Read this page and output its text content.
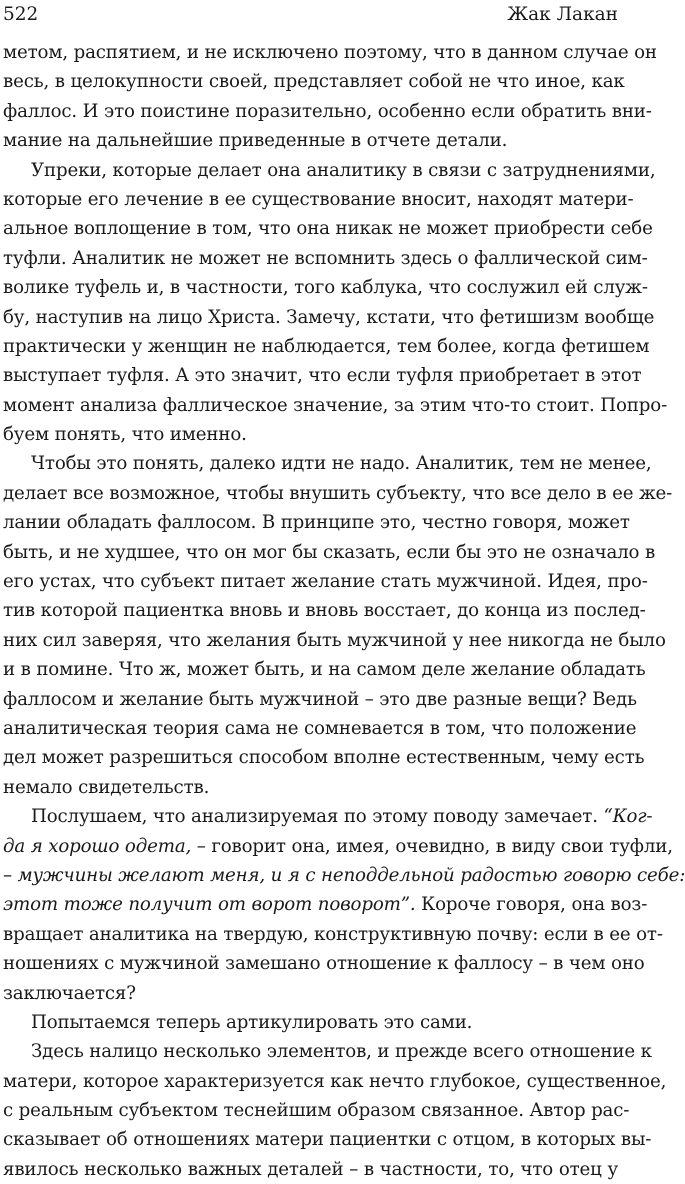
522	Жак Лакан
метом, распятием, и не исключено поэтому, что в данном случае он
весь, в целокупности своей, представляет собой не что иное, как
фаллос. И это поистине поразительно, особенно если обратить вни-
мание на дальнейшие приведенные в отчете детали.
Упреки, которые делает она аналитику в связи с затруднениями,
которые его лечение в ее существование вносит, находят матери-
альное воплощение в том, что она никак не может приобрести себе
туфли. Аналитик не может не вспомнить здесь о фаллической сим-
волике туфель и, в частности, того каблука, что сослужил ей служ-
бу, наступив на лицо Христа. Замечу, кстати, что фетишизм вообще
практически у женщин не наблюдается, тем более, когда фетишем
выступает туфля. А это значит, что если туфля приобретает в этот
момент анализа фаллическое значение, за этим что-то стоит. Попро-
буем понять, что именно.
Чтобы это понять, далеко идти не надо. Аналитик, тем не менее,
делает все возможное, чтобы внушить субъекту, что все дело в ее же-
лании обладать фаллосом. В принципе это, честно говоря, может
быть, и не худшее, что он мог бы сказать, если бы это не означало в
его устах, что субъект питает желание стать мужчиной. Идея, про-
тив которой пациентка вновь и вновь восстает, до конца из послед-
них сил заверяя, что желания быть мужчиной у нее никогда не было
и в помине. Что ж, может быть, и на самом деле желание обладать
фаллосом и желание быть мужчиной – это две разные вещи? Ведь
аналитическая теория сама не сомневается в том, что положение
дел может разрешиться способом вполне естественным, чему есть
немало свидетельств.
Послушаем, что анализируемая по этому поводу замечает. “Ког-
да я хорошо одета, – говорит она, имея, очевидно, в виду свои туфли,
– мужчины желают меня, и я с неподдельной радостью говорю себе:
этот тоже получит от ворот поворот”. Короче говоря, она воз-
вращает аналитика на твердую, конструктивную почву: если в ее от-
ношениях с мужчиной замешано отношение к фаллосу – в чем оно
заключается?
Попытаемся теперь артикулировать это сами.
Здесь налицо несколько элементов, и прежде всего отношение к
матери, которое характеризуется как нечто глубокое, существенное,
с реальным субъектом теснейшим образом связанное. Автор рас-
сказывает об отношениях матери пациентки с отцом, в которых вы-
явилось несколько важных деталей – в частности, то, что отец у
